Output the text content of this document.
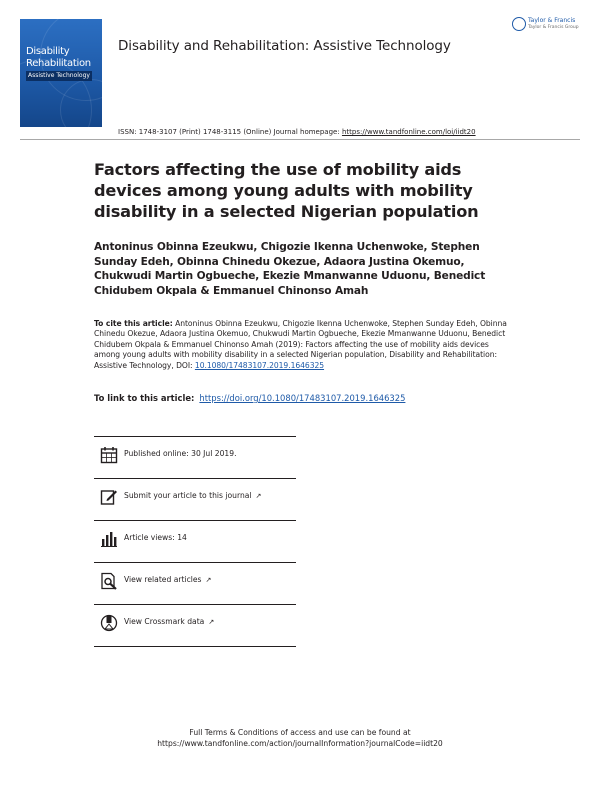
Disability
Rehabilitation
Assistive Technology
Disability and Rehabilitation: Assistive Technology
Taylor & Francis
Taylor & Francis Group
ISSN: 1748-3107 (Print) 1748-3115 (Online) Journal homepage: https://www.tandfonline.com/loi/iidt20
Factors affecting the use of mobility aids devices among young adults with mobility disability in a selected Nigerian population
Antoninus Obinna Ezeukwu, Chigozie Ikenna Uchenwoke, Stephen Sunday Edeh, Obinna Chinedu Okezue, Adaora Justina Okemuo, Chukwudi Martin Ogbueche, Ekezie Mmanwanne Uduonu, Benedict Chidubem Okpala & Emmanuel Chinonso Amah
To cite this article: Antoninus Obinna Ezeukwu, Chigozie Ikenna Uchenwoke, Stephen Sunday Edeh, Obinna Chinedu Okezue, Adaora Justina Okemuo, Chukwudi Martin Ogbueche, Ekezie Mmanwanne Uduonu, Benedict Chidubem Okpala & Emmanuel Chinonso Amah (2019): Factors affecting the use of mobility aids devices among young adults with mobility disability in a selected Nigerian population, Disability and Rehabilitation: Assistive Technology, DOI: 10.1080/17483107.2019.1646325
To link to this article: https://doi.org/10.1080/17483107.2019.1646325
Published online: 30 Jul 2019.
Submit your article to this journal ↗
Article views: 14
View related articles ↗
View Crossmark data ↗
Full Terms & Conditions of access and use can be found at
https://www.tandfonline.com/action/journalInformation?journalCode=iidt20
